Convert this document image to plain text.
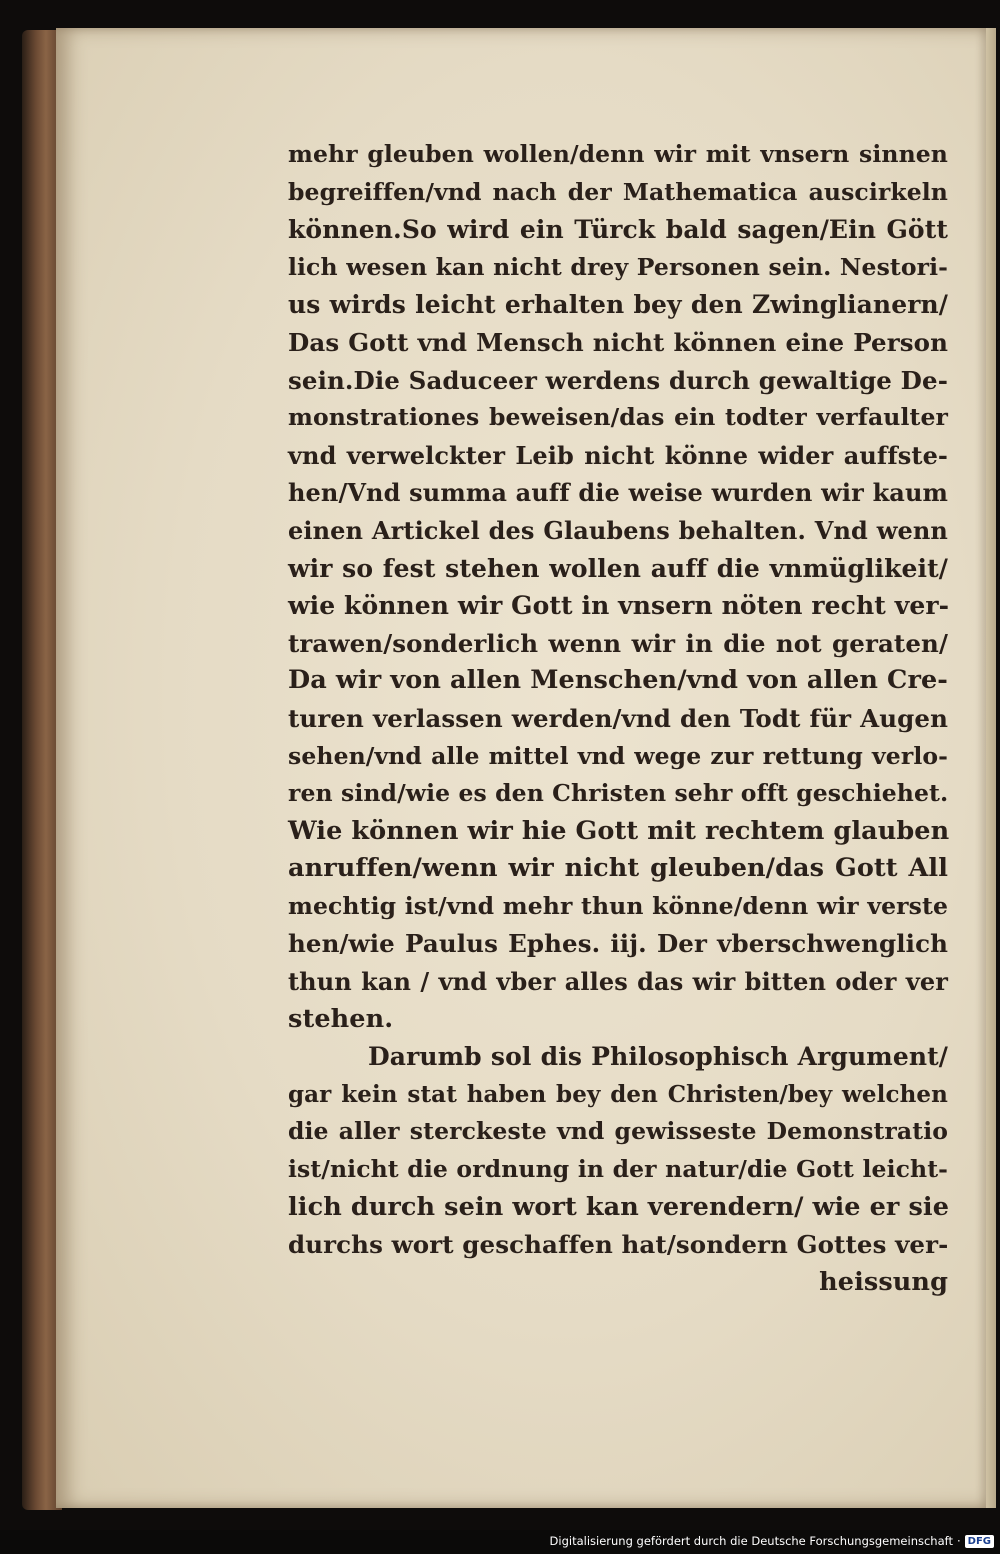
mehr gleuben wollen/denn wir mit vnsern sinnen
begreiffen/vnd nach der Mathematica auscirkeln
können.So wird ein Türck bald sagen/Ein Gött
lich wesen kan nicht drey Personen sein. Nestori-
us wirds leicht erhalten bey den Zwinglianern/
Das Gott vnd Mensch nicht können eine Person
sein.Die Saduceer werdens durch gewaltige De-
monstrationes beweisen/das ein todter verfaulter
vnd verwelckter Leib nicht könne wider auffste-
hen/Vnd summa auff die weise wurden wir kaum
einen Artickel des Glaubens behalten. Vnd wenn
wir so fest stehen wollen auff die vnmüglikeit/
wie können wir Gott in vnsern nöten recht ver-
trawen/sonderlich wenn wir in die not geraten/
Da wir von allen Menschen/vnd von allen Cre-
turen verlassen werden/vnd den Todt für Augen
sehen/vnd alle mittel vnd wege zur rettung verlo-
ren sind/wie es den Christen sehr offt geschiehet.
Wie können wir hie Gott mit rechtem glauben
anruffen/wenn wir nicht gleuben/das Gott All
mechtig ist/vnd mehr thun könne/denn wir verste
hen/wie Paulus Ephes. iij. Der vberschwenglich
thun kan / vnd vber alles das wir bitten oder ver
stehen.
Darumb sol dis Philosophisch Argument/
gar kein stat haben bey den Christen/bey welchen
die aller sterckeste vnd gewisseste Demonstratio
ist/nicht die ordnung in der natur/die Gott leicht-
lich durch sein wort kan verendern/ wie er sie
durchs wort geschaffen hat/sondern Gottes ver-
heissung
Digitalisierung gefördert durch die Deutsche Forschungsgemeinschaft · DFG
